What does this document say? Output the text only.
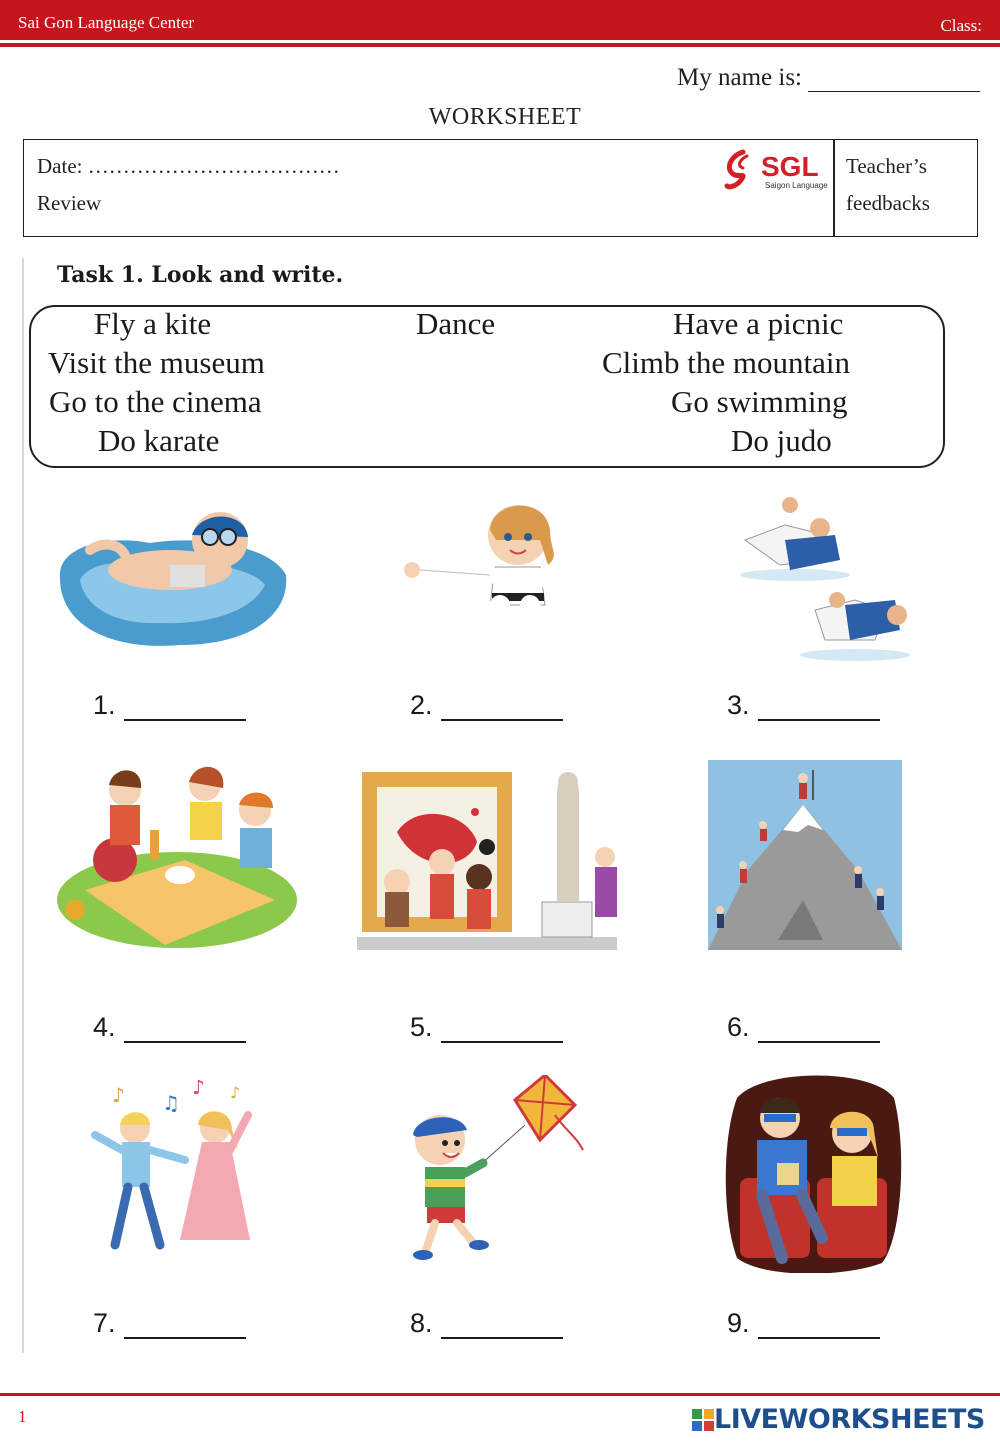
Sai Gon Language Center	Class:
My name is:
WORKSHEET
Date: ………………………………
Review
SGL
Saigon Language
Teacher’s
feedbacks
Task 1. Look and write.
Fly a kite	Dance	Have a picnic
Visit the museum	Climb the mountain
Go to the cinema	Go swimming
Do karate	Do judo
1.	2.	3.
4.	5.	6.
♪ ♫
♪ ♪
7.	8.	9.
1	LIVEWORKSHEETS
